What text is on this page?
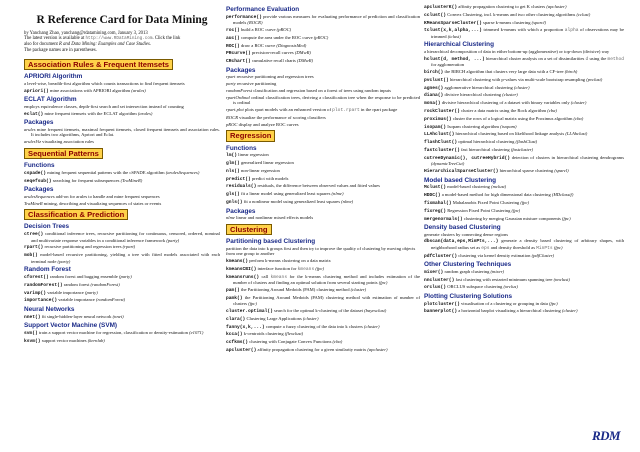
R Reference Card for Data Mining
by Yanchang Zhao, yanchang@rdatamining.com, January 3, 2013
The latest version is available at http://www.RDataMining.com. Click the link
also for document R and Data Mining: Examples and Case Studies.
The package names are in parentheses.
Association Rules & Frequent Itemsets
APRIORI Algorithm
a level-wise, breadth-first algorithm which counts transactions to find frequent itemsets
apriori() mine associations with APRIORI algorithm (arules)
ECLAT Algorithm
employs equivalence classes, depth-first search and set intersection instead of counting
eclat() mine frequent itemsets with the ECLAT algorithm (arules)
Packages
arules mine frequent itemsets, maximal frequent itemsets, closed frequent itemsets and association rules. It includes two algorithms, Apriori and Eclat.
arulesViz visualizing association rules
Sequential Patterns
Functions
cspade() mining frequent sequential patterns with the cSPADE algorithm (arulesSequences)
seqefsub() searching for frequent subsequences (TraMineR)
Packages
arulesSequences add-on for arules to handle and mine frequent sequences
TraMineR mining, describing and visualizing sequences of states or events
Classification & Prediction
Decision Trees
ctree() conditional inference trees, recursive partitioning for continuous, censored, ordered, nominal and multivariate response variables in a conditional inference framework (party)
rpart() recursive partitioning and regression trees (rpart)
mob() model-based recursive partitioning, yielding a tree with fitted models associated with each terminal node (party)
Random Forest
cforest() random forest and bagging ensemble (party)
randomForest() random forest (randomForest)
varimp() variable importance (party)
importance() variable importance (randomForest)
Neural Networks
nnet() fit single-hidden-layer neural network (nnet)
Support Vector Machine (SVM)
svm() train a support vector machine for regression, classification or density-estimation (e1071)
ksvm() support vector machines (kernlab)
Performance Evaluation
performance() provide various measures for evaluating performance of prediction and classification models (ROCR)
roc() build a ROC curve (pROC)
auc() compute the area under the ROC curve (pROC)
ROC() draw a ROC curve (DiagnosisMed)
PRcurve() precision-recall curves (DMwR)
CRchart() cumulative recall charts (DMwR)
Packages
rpart recursive partitioning and regression trees
party recursive partitioning
randomForest classification and regression based on a forest of trees using random inputs
rpartOrdinal ordinal classification trees, deriving a classification tree when the response to be predicted is ordinal
rpart.plot plots rpart models with an enhanced version of plot.rpart in the rpart package
ROCR visualize the performance of scoring classifiers
pROC display and analyze ROC curves
Regression
Functions
lm() linear regression
glm() generalized linear regression
nls() non-linear regression
predict() predict with models
residuals() residuals, the difference between observed values and fitted values
gls() fit a linear model using generalized least squares (nlme)
gnls() fit a nonlinear model using generalized least squares (nlme)
Packages
nlme linear and nonlinear mixed effects models
Clustering
Partitioning based Clustering
partition the data into k groups first and then try to improve the quality of clustering by moving objects from one group to another
kmeans() perform k-means clustering on a data matrix
kmeansCBI() interface function for kmeans (fpc)
kmeansruns() call kmeans for the k-means clustering method and includes estimation of the number of clusters and finding an optimal solution from several starting points (fpc)
pam() the Partitioning Around Medoids (PAM) clustering method (cluster)
pamk() the Partitioning Around Medoids (PAM) clustering method with estimation of number of clusters (fpc)
cluster.optimal() search for the optimal k-clustering of the dataset (bayesclust)
clara() Clustering Large Applications (cluster)
fanny(x,k,...) compute a fuzzy clustering of the data into k clusters (cluster)
kcca() k-centroids clustering (flexclust)
ccfkms() clustering with Conjugate Convex Functions (cba)
apcluster() affinity propagation clustering for a given similarity matrix (apcluster)
apclusterK() affinity propagation clustering to get K clusters (apcluster)
cclust() Convex Clustering, incl. k-means and two other clustering algorithms (cclust)
KMeansSparseCluster() sparse k-means clustering (sparcl)
tclust(x,k,alpha,...) trimmed k-means with which a proportion alpha of observations may be trimmed (tclust)
Hierarchical Clustering
a hierarchical decomposition of data in either bottom-up (agglomerative) or top-down (divisive) way
hclust(d, method, ...) hierarchical cluster analysis on a set of dissimilarities d using the method for agglomeration
birch() the BIRCH algorithm that clusters very large data with a CF-tree (birch)
pvclust() hierarchical clustering with p-values via multi-scale bootstrap resampling (pvclust)
agnes() agglomerative hierarchical clustering (cluster)
diana() divisive hierarchical clustering (cluster)
mona() divisive hierarchical clustering of a dataset with binary variables only (cluster)
rockCluster() cluster a data matrix using the Rock algorithm (cba)
proximus() cluster the rows of a logical matrix using the Proximus algorithm (cba)
isopam() Isopam clustering algorithm (isopam)
LLAhclust() hierarchical clustering based on likelihood linkage analysis (LLAhclust)
flashClust() optimal hierarchical clustering (flashClust)
fastcluster() fast hierarchical clustering (fastcluster)
cutreeDynamic(), cutreeHybrid() detection of clusters in hierarchical clustering dendrograms (dynamicTreeCut)
HierarchicalSparseCluster() hierarchical sparse clustering (sparcl)
Model based Clustering
Mclust() model-based clustering (mclust)
HDDC() a model-based method for high dimensional data clustering (HDclassif)
fixmahal() Mahalanobis Fixed Point Clustering (fpc)
fixreg() Regression Fixed Point Clustering (fpc)
mergenormals() clustering by merging Gaussian mixture components (fpc)
Density based Clustering
generate clusters by connecting dense regions
dbscan(data,eps,MinPts,...) generate a density based clustering of arbitrary shapes, with neighborhood radius set as eps and density threshold as MinPts (fpc)
pdfCluster() clustering via kernel density estimation (pdfCluster)
Other Clustering Techniques
mixer() random graph clustering (mixer)
nncluster() fast clustering with restarted minimum spanning tree (nnclust)
orclus() ORCLUS subspace clustering (orclus)
Plotting Clustering Solutions
plotcluster() visualisation of a clustering or grouping in data (fpc)
bannerplot() a horizontal barplot visualizing a hierarchical clustering (cluster)
RDM
